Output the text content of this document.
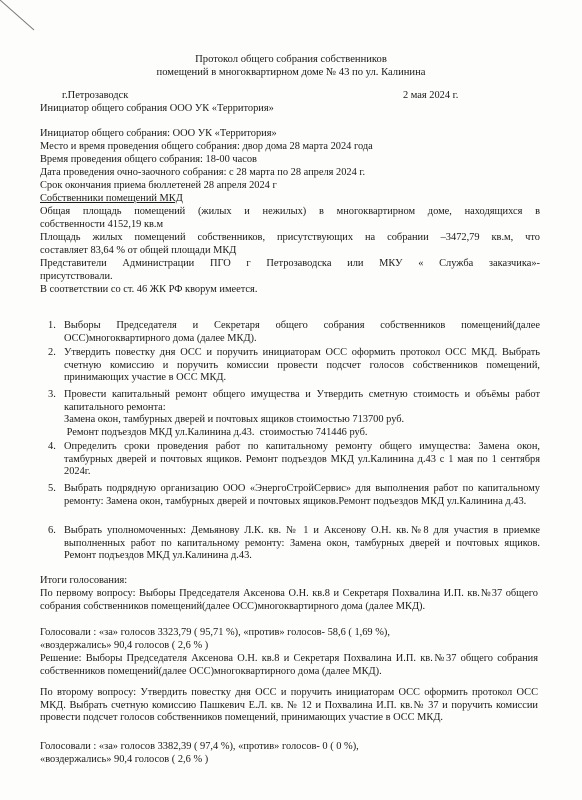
Протокол общего собрания собственников
помещений в многоквартирном доме № 43 по ул. Калинина
г.Петрозаводск	2 мая 2024 г.
Инициатор общего собрания ООО УК «Территория»
Инициатор общего собрания: ООО УК «Территория»
Место и время проведения общего собрания: двор дома 28 марта 2024 года
Время проведения общего собрания: 18-00 часов
Дата проведения очно-заочного собрания: с 28 марта по 28 апреля 2024 г.
Срок окончания приема бюллетеней 28 апреля 2024 г
Собственники помещений МКД
Общая площадь помещений (жилых и нежилых) в многоквартирном доме, находящихся в
собственности 4152,19 кв.м
Площадь жилых помещений собственников, присутствующих на собрании –3472,79 кв.м, что
составляет 83,64 % от общей площади МКД
Представители Администрации ПГО г Петрозаводска или МКУ « Служба заказчика»-
присутствовали.
В соответствии со ст. 46 ЖК РФ кворум имеется.
1. Выборы Председателя и Секретаря общего собрания собственников помещений(далее ОСС)многоквартирного дома (далее МКД).
2. Утвердить повестку дня ОСС и поручить инициаторам ОСС оформить протокол ОСС МКД. Выбрать счетную комиссию и поручить комиссии провести подсчет голосов собственников помещений, принимающих участие в ОСС МКД.
3. Провести капитальный ремонт общего имущества и Утвердить сметную стоимость и объёмы работ капитального ремонта:
Замена окон, тамбурных дверей и почтовых ящиков стоимостью 713700 руб.
Ремонт подъездов МКД ул.Калинина д.43.  стоимостью 741446 руб.
4. Определить сроки проведения работ по капитальному ремонту общего имущества: Замена окон, тамбурных дверей и почтовых ящиков. Ремонт подъездов МКД ул.Калинина д.43 с 1 мая по 1 сентября 2024г.
5. Выбрать подрядную организацию ООО «ЭнергоСтройСервис» для выполнения работ по капитальному ремонту: Замена окон, тамбурных дверей и почтовых ящиков.Ремонт подъездов МКД ул.Калинина д.43.
6. Выбрать уполномоченных: Демьянову Л.К. кв. № 1 и Аксенову О.Н. кв.№8 для участия в приемке выполненных работ по капитальному ремонту: Замена окон, тамбурных дверей и почтовых ящиков. Ремонт подъездов МКД ул.Калинина д.43.
Итоги голосования:
По первому вопросу: Выборы Председателя Аксенова О.Н. кв.8 и Секретаря Похвалина И.П. кв.№37 общего собрания собственников помещений(далее ОСС)многоквартирного дома (далее МКД).
Голосовали : «за» голосов 3323,79 ( 95,71 %), «против» голосов- 58,6 ( 1,69 %),
«воздержались» 90,4 голосов ( 2,6 % )
Решение: Выборы Председателя Аксенова О.Н. кв.8 и Секретаря Похвалина И.П. кв.№37 общего собрания собственников помещений(далее ОСС)многоквартирного дома (далее МКД).
По второму вопросу: Утвердить повестку дня ОСС и поручить инициаторам ОСС оформить протокол ОСС МКД. Выбрать счетную комиссию Пашкевич Е.Л. кв. № 12 и Похвалина И.П. кв.№ 37 и поручить комиссии провести подсчет голосов собственников помещений, принимающих участие в ОСС МКД.
Голосовали : «за» голосов 3382,39 ( 97,4 %), «против» голосов- 0 ( 0 %),
«воздержались» 90,4 голосов ( 2,6 % )
